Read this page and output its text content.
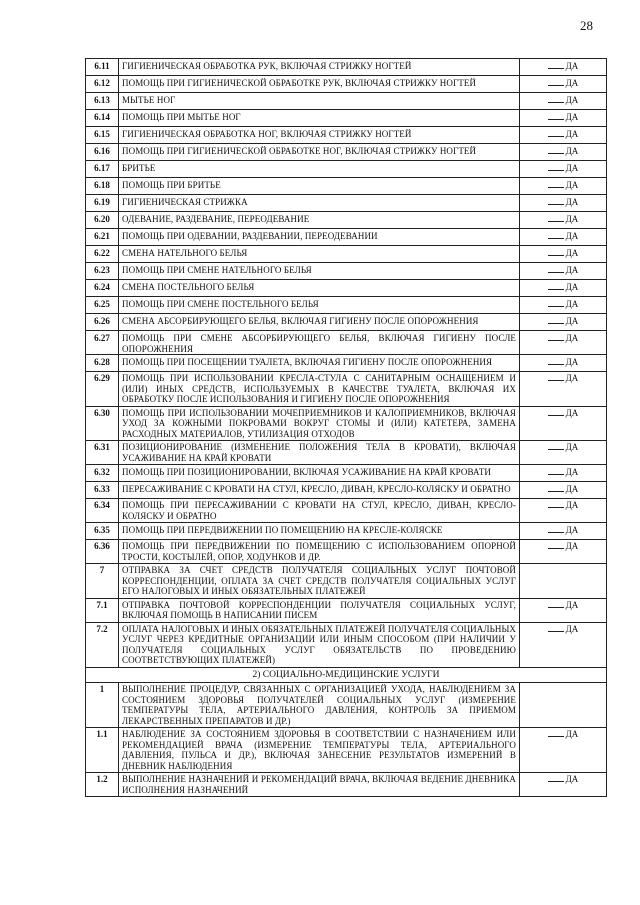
28
6.11	ГИГИЕНИЧЕСКАЯ ОБРАБОТКА РУК, ВКЛЮЧАЯ СТРИЖКУ НОГТЕЙ	ДА
6.12	ПОМОЩЬ ПРИ ГИГИЕНИЧЕСКОЙ ОБРАБОТКЕ РУК, ВКЛЮЧАЯ СТРИЖКУ НОГТЕЙ	ДА
6.13	МЫТЬЕ НОГ	ДА
6.14	ПОМОЩЬ ПРИ МЫТЬЕ НОГ	ДА
6.15	ГИГИЕНИЧЕСКАЯ ОБРАБОТКА НОГ, ВКЛЮЧАЯ СТРИЖКУ НОГТЕЙ	ДА
6.16	ПОМОЩЬ ПРИ ГИГИЕНИЧЕСКОЙ ОБРАБОТКЕ НОГ, ВКЛЮЧАЯ СТРИЖКУ НОГТЕЙ	ДА
6.17	БРИТЬЕ	ДА
6.18	ПОМОЩЬ ПРИ БРИТЬЕ	ДА
6.19	ГИГИЕНИЧЕСКАЯ СТРИЖКА	ДА
6.20	ОДЕВАНИЕ, РАЗДЕВАНИЕ, ПЕРЕОДЕВАНИЕ	ДА
6.21	ПОМОЩЬ ПРИ ОДЕВАНИИ, РАЗДЕВАНИИ, ПЕРЕОДЕВАНИИ	ДА
6.22	СМЕНА НАТЕЛЬНОГО БЕЛЬЯ	ДА
6.23	ПОМОЩЬ ПРИ СМЕНЕ НАТЕЛЬНОГО БЕЛЬЯ	ДА
6.24	СМЕНА ПОСТЕЛЬНОГО БЕЛЬЯ	ДА
6.25	ПОМОЩЬ ПРИ СМЕНЕ ПОСТЕЛЬНОГО БЕЛЬЯ	ДА
6.26	СМЕНА АБСОРБИРУЮЩЕГО БЕЛЬЯ, ВКЛЮЧАЯ ГИГИЕНУ ПОСЛЕ ОПОРОЖНЕНИЯ	ДА
6.27	ПОМОЩЬ ПРИ СМЕНЕ АБСОРБИРУЮЩЕГО БЕЛЬЯ, ВКЛЮЧАЯ ГИГИЕНУ ПОСЛЕ ОПОРОЖНЕНИЯ	ДА
6.28	ПОМОЩЬ ПРИ ПОСЕЩЕНИИ ТУАЛЕТА, ВКЛЮЧАЯ ГИГИЕНУ ПОСЛЕ ОПОРОЖНЕНИЯ	ДА
6.29	ПОМОЩЬ ПРИ ИСПОЛЬЗОВАНИИ КРЕСЛА-СТУЛА С САНИТАРНЫМ ОСНАЩЕНИЕМ И (ИЛИ) ИНЫХ СРЕДСТВ, ИСПОЛЬЗУЕМЫХ В КАЧЕСТВЕ ТУАЛЕТА, ВКЛЮЧАЯ ИХ ОБРАБОТКУ ПОСЛЕ ИСПОЛЬЗОВАНИЯ И ГИГИЕНУ ПОСЛЕ ОПОРОЖНЕНИЯ	ДА
6.30	ПОМОЩЬ ПРИ ИСПОЛЬЗОВАНИИ МОЧЕПРИЕМНИКОВ И КАЛОПРИЕМНИКОВ, ВКЛЮЧАЯ УХОД ЗА КОЖНЫМИ ПОКРОВАМИ ВОКРУГ СТОМЫ И (ИЛИ) КАТЕТЕРА, ЗАМЕНА РАСХОДНЫХ МАТЕРИАЛОВ, УТИЛИЗАЦИЯ ОТХОДОВ	ДА
6.31	ПОЗИЦИОНИРОВАНИЕ (ИЗМЕНЕНИЕ ПОЛОЖЕНИЯ ТЕЛА В КРОВАТИ), ВКЛЮЧАЯ УСАЖИВАНИЕ НА КРАЙ КРОВАТИ	ДА
6.32	ПОМОЩЬ ПРИ ПОЗИЦИОНИРОВАНИИ, ВКЛЮЧАЯ УСАЖИВАНИЕ НА КРАЙ КРОВАТИ	ДА
6.33	ПЕРЕСАЖИВАНИЕ С КРОВАТИ НА СТУЛ, КРЕСЛО, ДИВАН, КРЕСЛО-КОЛЯСКУ И ОБРАТНО	ДА
6.34	ПОМОЩЬ ПРИ ПЕРЕСАЖИВАНИИ С КРОВАТИ НА СТУЛ, КРЕСЛО, ДИВАН, КРЕСЛО-КОЛЯСКУ И ОБРАТНО	ДА
6.35	ПОМОЩЬ ПРИ ПЕРЕДВИЖЕНИИ ПО ПОМЕЩЕНИЮ НА КРЕСЛЕ-КОЛЯСКЕ	ДА
6.36	ПОМОЩЬ ПРИ ПЕРЕДВИЖЕНИИ ПО ПОМЕЩЕНИЮ С ИСПОЛЬЗОВАНИЕМ ОПОРНОЙ ТРОСТИ, КОСТЫЛЕЙ, ОПОР, ХОДУНКОВ И ДР.	ДА
7	ОТПРАВКА ЗА СЧЕТ СРЕДСТВ ПОЛУЧАТЕЛЯ СОЦИАЛЬНЫХ УСЛУГ ПОЧТОВОЙ КОРРЕСПОНДЕНЦИИ, ОПЛАТА ЗА СЧЕТ СРЕДСТВ ПОЛУЧАТЕЛЯ СОЦИАЛЬНЫХ УСЛУГ ЕГО НАЛОГОВЫХ И ИНЫХ ОБЯЗАТЕЛЬНЫХ ПЛАТЕЖЕЙ	
7.1	ОТПРАВКА ПОЧТОВОЙ КОРРЕСПОНДЕНЦИИ ПОЛУЧАТЕЛЯ СОЦИАЛЬНЫХ УСЛУГ, ВКЛЮЧАЯ ПОМОЩЬ В НАПИСАНИИ ПИСЕМ	ДА
7.2	ОПЛАТА НАЛОГОВЫХ И ИНЫХ ОБЯЗАТЕЛЬНЫХ ПЛАТЕЖЕЙ ПОЛУЧАТЕЛЯ СОЦИАЛЬНЫХ УСЛУГ ЧЕРЕЗ КРЕДИТНЫЕ ОРГАНИЗАЦИИ ИЛИ ИНЫМ СПОСОБОМ (ПРИ НАЛИЧИИ У ПОЛУЧАТЕЛЯ СОЦИАЛЬНЫХ УСЛУГ ОБЯЗАТЕЛЬСТВ ПО ПРОВЕДЕНИЮ СООТВЕТСТВУЮЩИХ ПЛАТЕЖЕЙ)	ДА
2) СОЦИАЛЬНО-МЕДИЦИНСКИЕ УСЛУГИ		
1	ВЫПОЛНЕНИЕ ПРОЦЕДУР, СВЯЗАННЫХ С ОРГАНИЗАЦИЕЙ УХОДА, НАБЛЮДЕНИЕМ ЗА СОСТОЯНИЕМ ЗДОРОВЬЯ ПОЛУЧАТЕЛЕЙ СОЦИАЛЬНЫХ УСЛУГ (ИЗМЕРЕНИЕ ТЕМПЕРАТУРЫ ТЕЛА, АРТЕРИАЛЬНОГО ДАВЛЕНИЯ, КОНТРОЛЬ ЗА ПРИЕМОМ ЛЕКАРСТВЕННЫХ ПРЕПАРАТОВ И ДР.)	
1.1	НАБЛЮДЕНИЕ ЗА СОСТОЯНИЕМ ЗДОРОВЬЯ В СООТВЕТСТВИИ С НАЗНАЧЕНИЕМ ИЛИ РЕКОМЕНДАЦИЕЙ ВРАЧА (ИЗМЕРЕНИЕ ТЕМПЕРАТУРЫ ТЕЛА, АРТЕРИАЛЬНОГО ДАВЛЕНИЯ, ПУЛЬСА И ДР.), ВКЛЮЧАЯ ЗАНЕСЕНИЕ РЕЗУЛЬТАТОВ ИЗМЕРЕНИЙ В ДНЕВНИК НАБЛЮДЕНИЯ	ДА
1.2	ВЫПОЛНЕНИЕ НАЗНАЧЕНИЙ И РЕКОМЕНДАЦИЙ ВРАЧА, ВКЛЮЧАЯ ВЕДЕНИЕ ДНЕВНИКА ИСПОЛНЕНИЯ НАЗНАЧЕНИЙ	ДА
